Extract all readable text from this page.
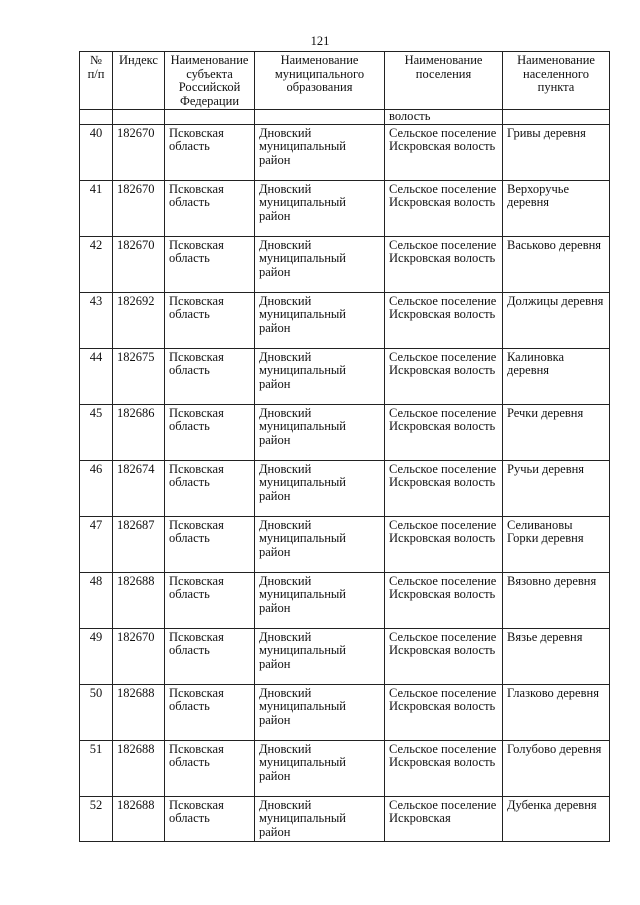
121
№
п/п	Индекс	Наименование субъекта Российской Федерации	Наименование муниципального образования	Наименование поселения	Наименование населенного пункта
				волость	
40	182670	Псковская область	Дновский муниципальный район	Сельское поселение Искровская волость	Гривы деревня
41	182670	Псковская область	Дновский муниципальный район	Сельское поселение Искровская волость	Верхоручье деревня
42	182670	Псковская область	Дновский муниципальный район	Сельское поселение Искровская волость	Васьково деревня
43	182692	Псковская область	Дновский муниципальный район	Сельское поселение Искровская волость	Должицы деревня
44	182675	Псковская область	Дновский муниципальный район	Сельское поселение Искровская волость	Калиновка деревня
45	182686	Псковская область	Дновский муниципальный район	Сельское поселение Искровская волость	Речки деревня
46	182674	Псковская область	Дновский муниципальный район	Сельское поселение Искровская волость	Ручьи деревня
47	182687	Псковская область	Дновский муниципальный район	Сельское поселение Искровская волость	Селивановы Горки деревня
48	182688	Псковская область	Дновский муниципальный район	Сельское поселение Искровская волость	Вязовно деревня
49	182670	Псковская область	Дновский муниципальный район	Сельское поселение Искровская волость	Вязье деревня
50	182688	Псковская область	Дновский муниципальный район	Сельское поселение Искровская волость	Глазково деревня
51	182688	Псковская область	Дновский муниципальный район	Сельское поселение Искровская волость	Голубово деревня
52	182688	Псковская область	Дновский муниципальный район	Сельское поселение Искровская	Дубенка деревня
